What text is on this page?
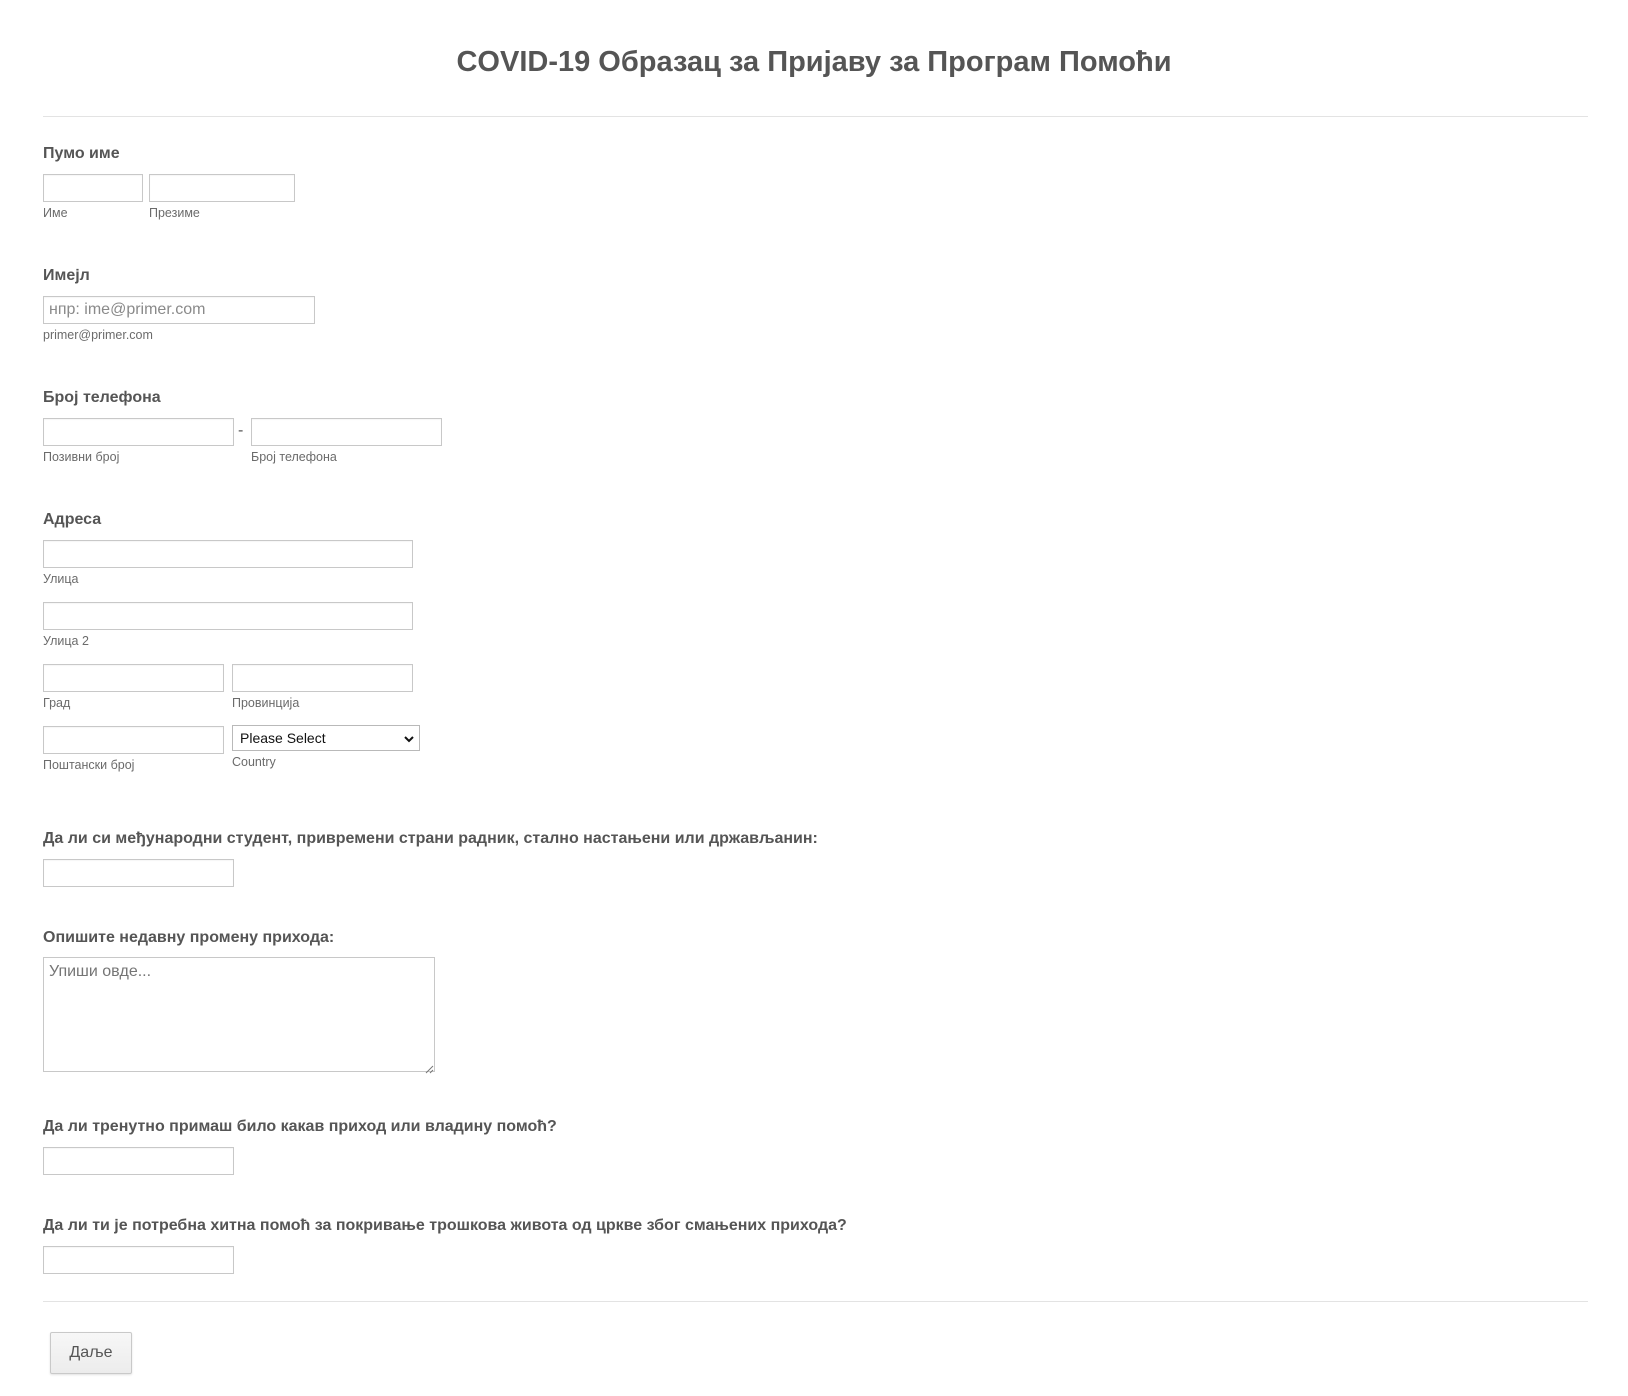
COVID-19 Образац за Пријаву за Програм Помоћи
Пумо име
Име	Презиме
Имејл
нпр: ime@primer.com
primer@primer.com
Број телефона
-
Позивни број	Број телефона
Адреса
Улица
Улица 2
Град	Провинција
Please Select
Поштански број	Country
Да ли си међународни студент, привремени страни радник, стално настањени или држављанин:
Опишите недавну промену прихода:
Упиши овде...
Да ли тренутно примаш било какав приход или владину помоћ?
Да ли ти је потребна хитна помоћ за покривање трошкова живота од цркве због смањених прихода?
Даље
